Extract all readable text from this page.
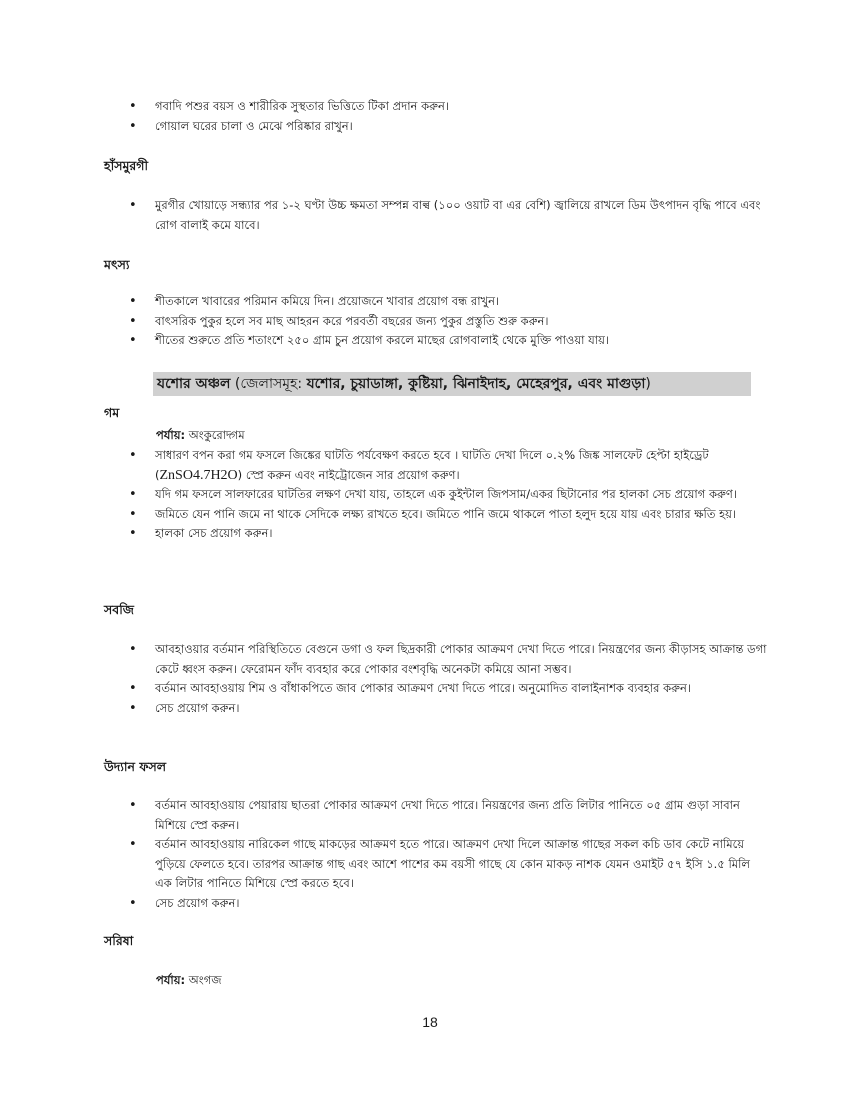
• গবাদি পশুর বয়স ও শারীরিক সুস্থতার ভিত্তিতে টিকা প্রদান করুন।
• গোয়াল ঘরের চালা ও মেঝে পরিষ্কার রাখুন।
হাঁসমুরগী
• মুরগীর খোয়াড়ে সন্ধ্যার পর ১-২ ঘণ্টা উচ্চ ক্ষমতা সম্পন্ন বাল্ব (১০০ ওয়াট বা এর বেশি) জ্বালিয়ে রাখলে ডিম উৎপাদন বৃদ্ধি পাবে এবং রোগ বালাই কমে যাবে।
মৎস্য
• শীতকালে খাবারের পরিমান কমিয়ে দিন। প্রয়োজনে খাবার প্রয়োগ বন্ধ রাখুন।
• বাৎসরিক পুকুর হলে সব মাছ আহরন করে পরবর্তী বছরের জন্য পুকুর প্রস্তুতি শুরু করুন।
• শীতের শুরুতে প্রতি শতাংশে ২৫০ গ্রাম চুন প্রয়োগ করলে মাছের রোগবালাই থেকে মুক্তি পাওয়া যায়।
যশোর অঞ্চল (জেলাসমূহ: যশোর, চুয়াডাঙ্গা, কুষ্টিয়া, ঝিনাইদাহ, মেহেরপুর, এবং মাগুড়া)
গম
পর্যায়: অংকুরোদ্গম
• সাধারণ বপন করা গম ফসলে জিঙ্কের ঘাটতি পর্যবেক্ষণ করতে হবে । ঘাটতি দেখা দিলে ০.২% জিঙ্ক সালফেট হেপ্টা হাইড্রেট (ZnSO4.7H2O) স্প্রে করুন এবং নাইট্রোজেন সার প্রয়োগ করুণ।
• যদি গম ফসলে সালফারের ঘাটতির লক্ষণ দেখা যায়, তাহলে এক কুইন্টাল জিপসাম/একর ছিটানোর পর হালকা সেচ প্রয়োগ করুণ।
• জমিতে যেন পানি জমে না থাকে সেদিকে লক্ষ্য রাখতে হবে। জমিতে পানি জমে থাকলে পাতা হলুদ হয়ে যায় এবং চারার ক্ষতি হয়।
• হালকা সেচ প্রয়োগ করুন।
সবজি
• আবহাওয়ার বর্তমান পরিস্থিতিতে বেগুনে ডগা ও ফল ছিদ্রকারী পোকার আক্রমণ দেখা দিতে পারে। নিয়ন্ত্রণের জন্য কীড়াসহ আক্রান্ত ডগা কেটে ধ্বংস করুন। ফেরোমন ফাঁদ ব্যবহার করে পোকার বংশবৃদ্ধি অনেকটা কমিয়ে আনা সম্ভব।
• বর্তমান আবহাওয়ায় শিম ও বাঁধাকপিতে জাব পোকার আক্রমণ দেখা দিতে পারে। অনুমোদিত বালাইনাশক ব্যবহার করুন।
• সেচ প্রয়োগ করুন।
উদ্যান ফসল
• বর্তমান আবহাওয়ায় পেয়ারায় ছাতরা পোকার আক্রমণ দেখা দিতে পারে। নিয়ন্ত্রণের জন্য প্রতি লিটার পানিতে ০৫ গ্রাম গুড়া সাবান মিশিয়ে স্প্রে করুন।
• বর্তমান আবহাওয়ায় নারিকেল গাছে মাকড়ের আক্রমণ হতে পারে। আক্রমণ দেখা দিলে আক্রান্ত গাছের সকল কচি ডাব কেটে নামিয়ে পুড়িয়ে ফেলতে হবে। তারপর আক্রান্ত গাছ এবং আশে পাশের কম বয়সী গাছে যে কোন মাকড় নাশক যেমন ওমাইট ৫৭ ইসি ১.৫ মিলি এক লিটার পানিতে মিশিয়ে স্প্রে করতে হবে।
• সেচ প্রয়োগ করুন।
সরিষা
পর্যায়: অংগজ
18
